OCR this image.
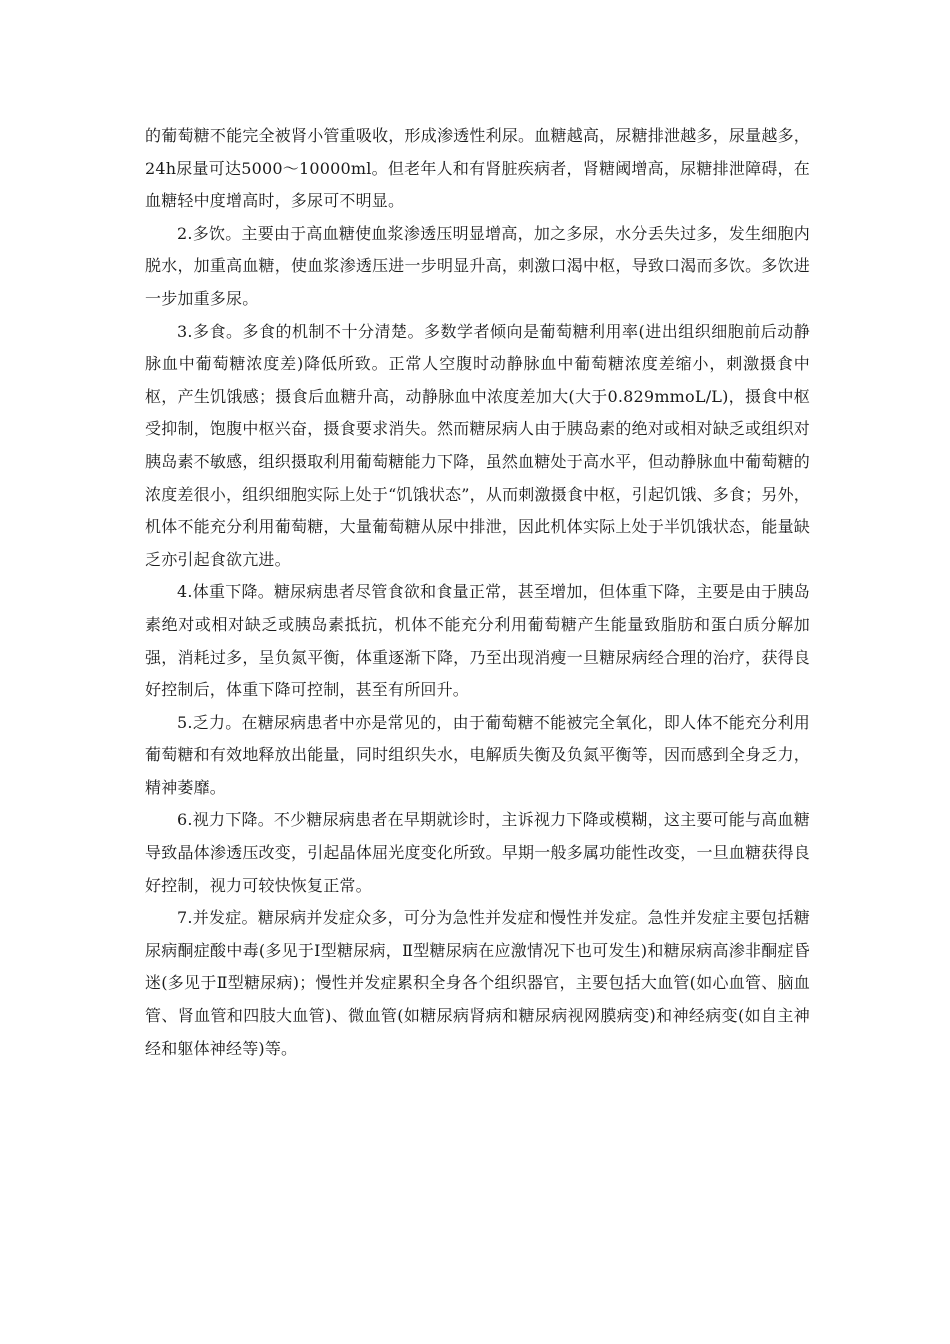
的葡萄糖不能完全被肾小管重吸收，形成渗透性利尿。血糖越高，尿糖排泄越多，尿量越多，24h尿量可达5000～10000ml。但老年人和有肾脏疾病者，肾糖阈增高，尿糖排泄障碍，在血糖轻中度增高时，多尿可不明显。

2.多饮。主要由于高血糖使血浆渗透压明显增高，加之多尿，水分丢失过多，发生细胞内脱水，加重高血糖，使血浆渗透压进一步明显升高，刺激口渴中枢，导致口渴而多饮。多饮进一步加重多尿。

3.多食。多食的机制不十分清楚。多数学者倾向是葡萄糖利用率(进出组织细胞前后动静脉血中葡萄糖浓度差)降低所致。正常人空腹时动静脉血中葡萄糖浓度差缩小，刺激摄食中枢，产生饥饿感；摄食后血糖升高，动静脉血中浓度差加大(大于0.829mmoL/L)，摄食中枢受抑制，饱腹中枢兴奋，摄食要求消失。然而糖尿病人由于胰岛素的绝对或相对缺乏或组织对胰岛素不敏感，组织摄取利用葡萄糖能力下降，虽然血糖处于高水平，但动静脉血中葡萄糖的浓度差很小，组织细胞实际上处于“饥饿状态”，从而刺激摄食中枢，引起饥饿、多食；另外，机体不能充分利用葡萄糖，大量葡萄糖从尿中排泄，因此机体实际上处于半饥饿状态，能量缺乏亦引起食欲亢进。

4.体重下降。糖尿病患者尽管食欲和食量正常，甚至增加，但体重下降，主要是由于胰岛素绝对或相对缺乏或胰岛素抵抗，机体不能充分利用葡萄糖产生能量致脂肪和蛋白质分解加强，消耗过多，呈负氮平衡，体重逐渐下降，乃至出现消瘦一旦糖尿病经合理的治疗，获得良好控制后，体重下降可控制，甚至有所回升。

5.乏力。在糖尿病患者中亦是常见的，由于葡萄糖不能被完全氧化，即人体不能充分利用葡萄糖和有效地释放出能量，同时组织失水，电解质失衡及负氮平衡等，因而感到全身乏力，精神萎靡。

6.视力下降。不少糖尿病患者在早期就诊时，主诉视力下降或模糊，这主要可能与高血糖导致晶体渗透压改变，引起晶体屈光度变化所致。早期一般多属功能性改变，一旦血糖获得良好控制，视力可较快恢复正常。

7.并发症。糖尿病并发症众多，可分为急性并发症和慢性并发症。急性并发症主要包括糖尿病酮症酸中毒(多见于Ⅰ型糖尿病，Ⅱ型糖尿病在应激情况下也可发生)和糖尿病高渗非酮症昏迷(多见于Ⅱ型糖尿病)；慢性并发症累积全身各个组织器官，主要包括大血管(如心血管、脑血管、肾血管和四肢大血管)、微血管(如糖尿病肾病和糖尿病视网膜病变)和神经病变(如自主神经和躯体神经等)等。
